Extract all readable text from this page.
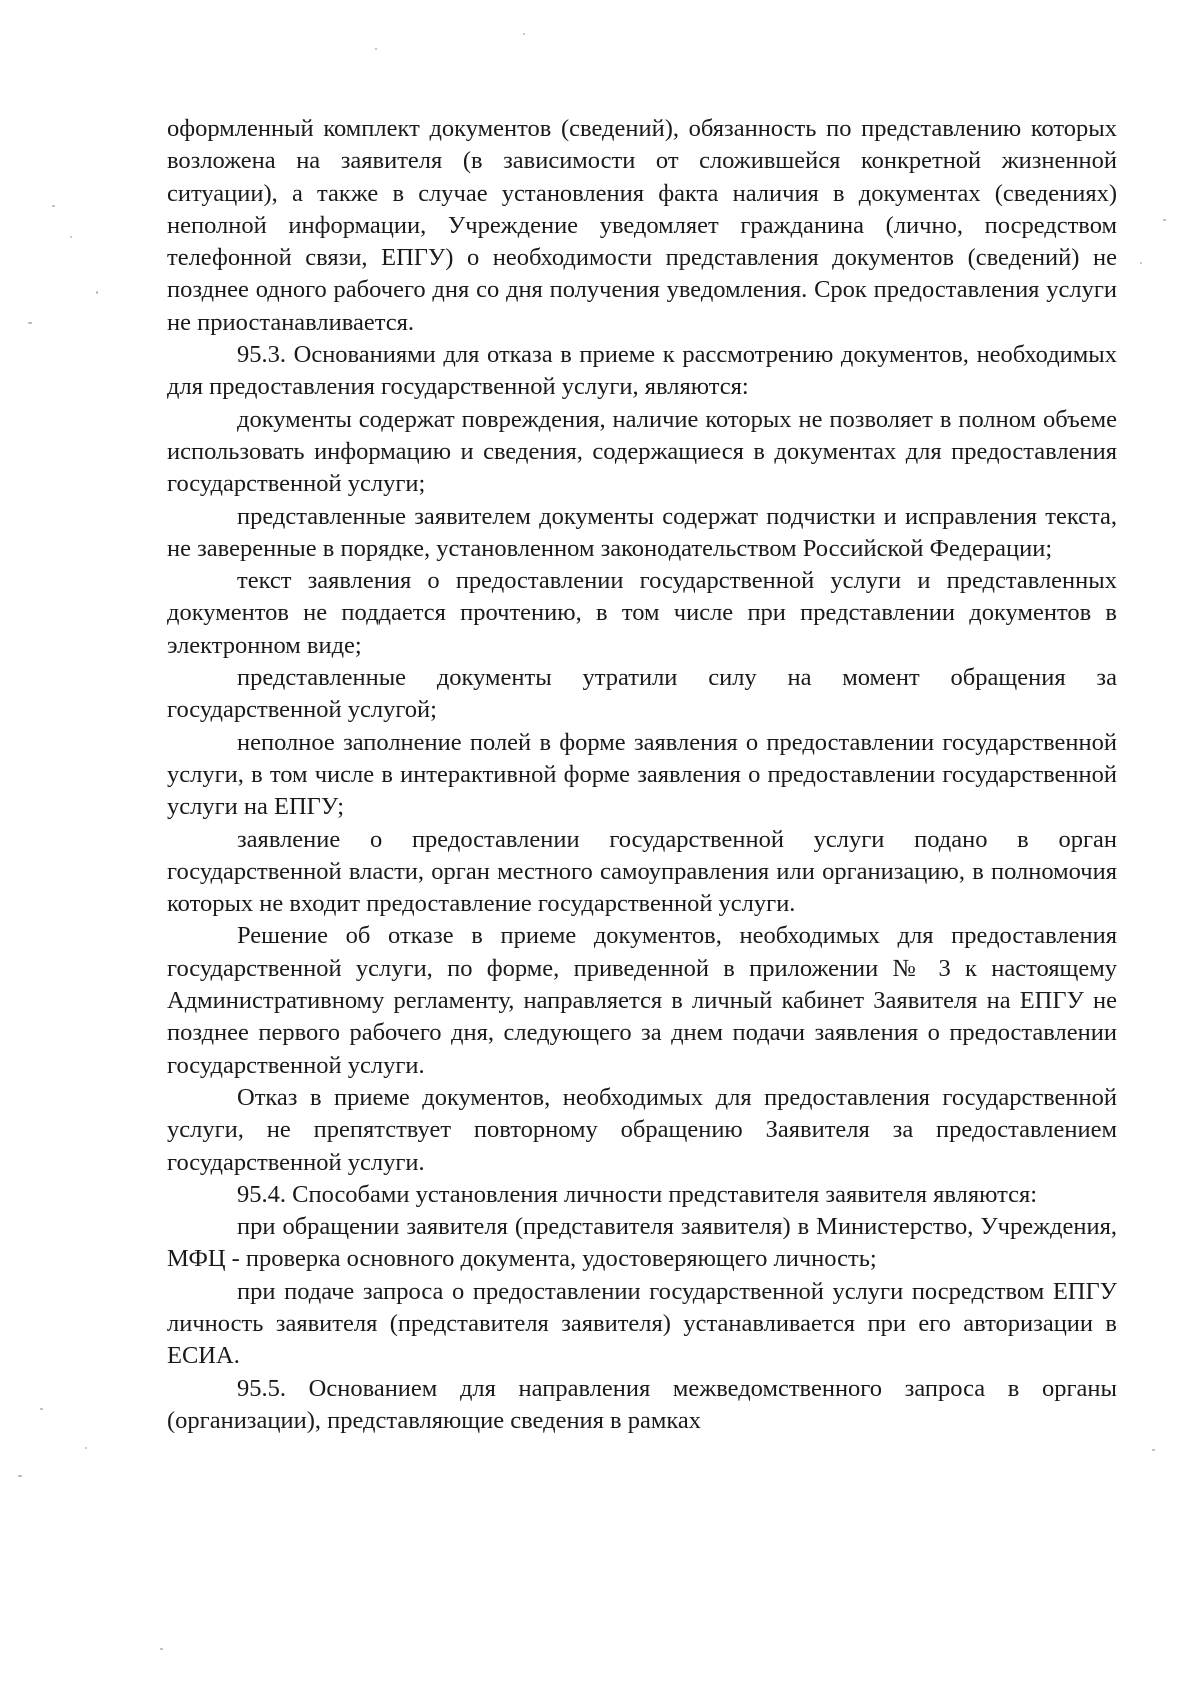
оформленный комплект документов (сведений), обязанность по представлению которых возложена на заявителя (в зависимости от сложившейся конкретной жизненной ситуации), а также в случае установления факта наличия в документах (сведениях) неполной информации, Учреждение уведомляет гражданина (лично, посредством телефонной связи, ЕПГУ) о необходимости представления документов (сведений) не позднее одного рабочего дня со дня получения уведомления. Срок предоставления услуги не приостанавливается.

95.3. Основаниями для отказа в приеме к рассмотрению документов, необходимых для предоставления государственной услуги, являются:

документы содержат повреждения, наличие которых не позволяет в полном объеме использовать информацию и сведения, содержащиеся в документах для предоставления государственной услуги;

представленные заявителем документы содержат подчистки и исправления текста, не заверенные в порядке, установленном законодательством Российской Федерации;

текст заявления о предоставлении государственной услуги и представленных документов не поддается прочтению, в том числе при представлении документов в электронном виде;

представленные документы утратили силу на момент обращения за государственной услугой;

неполное заполнение полей в форме заявления о предоставлении государственной услуги, в том числе в интерактивной форме заявления о предоставлении государственной услуги на ЕПГУ;

заявление о предоставлении государственной услуги подано в орган государственной власти, орган местного самоуправления или организацию, в полномочия которых не входит предоставление государственной услуги.

Решение об отказе в приеме документов, необходимых для предоставления государственной услуги, по форме, приведенной в приложении № 3 к настоящему Административному регламенту, направляется в личный кабинет Заявителя на ЕПГУ не позднее первого рабочего дня, следующего за днем подачи заявления о предоставлении государственной услуги.

Отказ в приеме документов, необходимых для предоставления государственной услуги, не препятствует повторному обращению Заявителя за предоставлением государственной услуги.

95.4. Способами установления личности представителя заявителя являются:

при обращении заявителя (представителя заявителя) в Министерство, Учреждения, МФЦ - проверка основного документа, удостоверяющего личность;

при подаче запроса о предоставлении государственной услуги посредством ЕПГУ личность заявителя (представителя заявителя) устанавливается при его авторизации в ЕСИА.

95.5. Основанием для направления межведомственного запроса в органы (организации), представляющие сведения в рамках
